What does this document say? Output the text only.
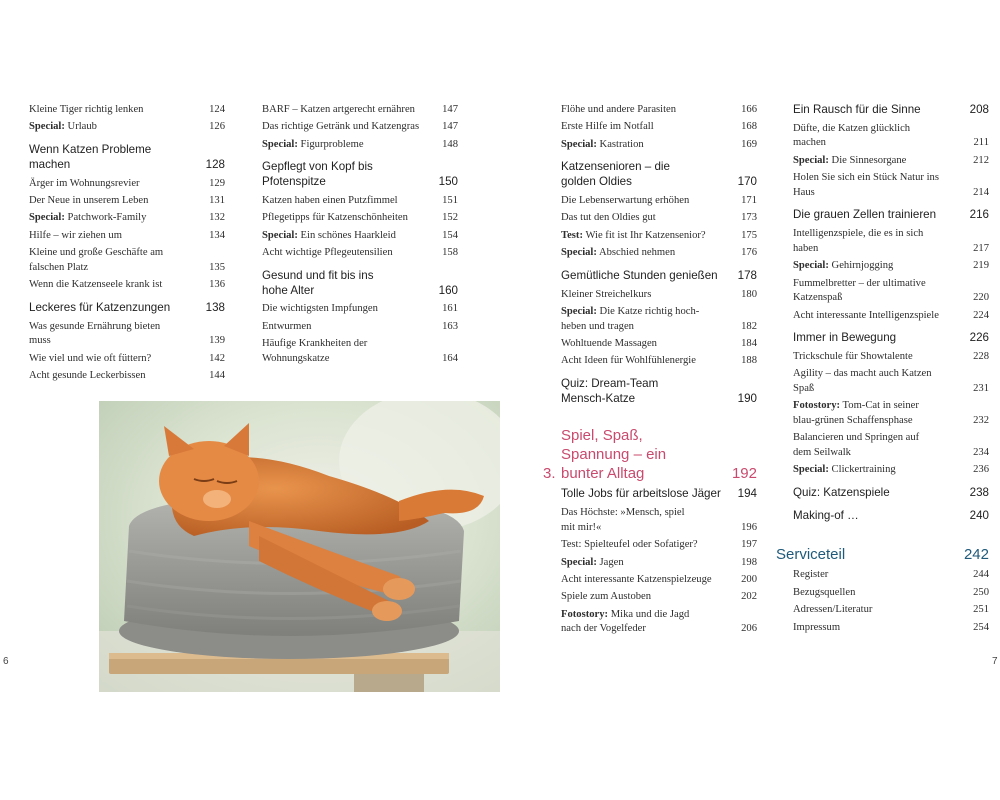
Kleine Tiger richtig lenken	124
Special: Urlaub	126
Wenn Katzen Probleme machen	128
Ärger im Wohnungsrevier	129
Der Neue in unserem Leben	131
Special: Patchwork-Family	132
Hilfe – wir ziehen um	134
Kleine und große Geschäfte am falschen Platz	135
Wenn die Katzenseele krank ist	136
Leckeres für Katzenzungen	138
Was gesunde Ernährung bieten muss	139
Wie viel und wie oft füttern?	142
Acht gesunde Leckerbissen	144
BARF – Katzen artgerecht ernähren	147
Das richtige Getränk und Katzengras	147
Special: Figurprobleme	148
Gepflegt von Kopf bis Pfotenspitze	150
Katzen haben einen Putzfimmel	151
Pflegetipps für Katzenschönheiten	152
Special: Ein schönes Haarkleid	154
Acht wichtige Pflegeutensilien	158
Gesund und fit bis ins hohe Alter	160
Die wichtigsten Impfungen	161
Entwurmen	163
Häufige Krankheiten der Wohnungskatze	164
Flöhe und andere Parasiten	166
Erste Hilfe im Notfall	168
Special: Kastration	169
Katzensenioren – die golden Oldies	170
Die Lebenserwartung erhöhen	171
Das tut den Oldies gut	173
Test: Wie fit ist Ihr Katzensenior?	175
Special: Abschied nehmen	176
Gemütliche Stunden genießen	178
Kleiner Streichelkurs	180
Special: Die Katze richtig hoch-heben und tragen	182
Wohltuende Massagen	184
Acht Ideen für Wohlfühlenergie	188
Quiz: Dream-Team Mensch-Katze	190
3.
Spiel, Spaß, Spannung – ein bunter Alltag	192
Tolle Jobs für arbeitslose Jäger	194
Das Höchste: »Mensch, spiel mit mir!«	196
Test: Spielteufel oder Sofatiger?	197
Special: Jagen	198
Acht interessante Katzenspielzeuge	200
Spiele zum Austoben	202
Fotostory: Mika und die Jagd nach der Vogelfeder	206
Ein Rausch für die Sinne	208
Düfte, die Katzen glücklich machen	211
Special: Die Sinnesorgane	212
Holen Sie sich ein Stück Natur ins Haus	214
Die grauen Zellen trainieren	216
Intelligenzspiele, die es in sich haben	217
Special: Gehirnjogging	219
Fummelbretter – der ultimative Katzenspaß	220
Acht interessante Intelligenzspiele	224
Immer in Bewegung	226
Trickschule für Showtalente	228
Agility – das macht auch Katzen Spaß	231
Fotostory: Tom-Cat in seiner blau-grünen Schaffensphase	232
Balancieren und Springen auf dem Seilwalk	234
Special: Clickertraining	236
Quiz: Katzenspiele	238
Making-of …	240
Serviceteil	242
Register	244
Bezugsquellen	250
Adressen/Literatur	251
Impressum	254
6	7
